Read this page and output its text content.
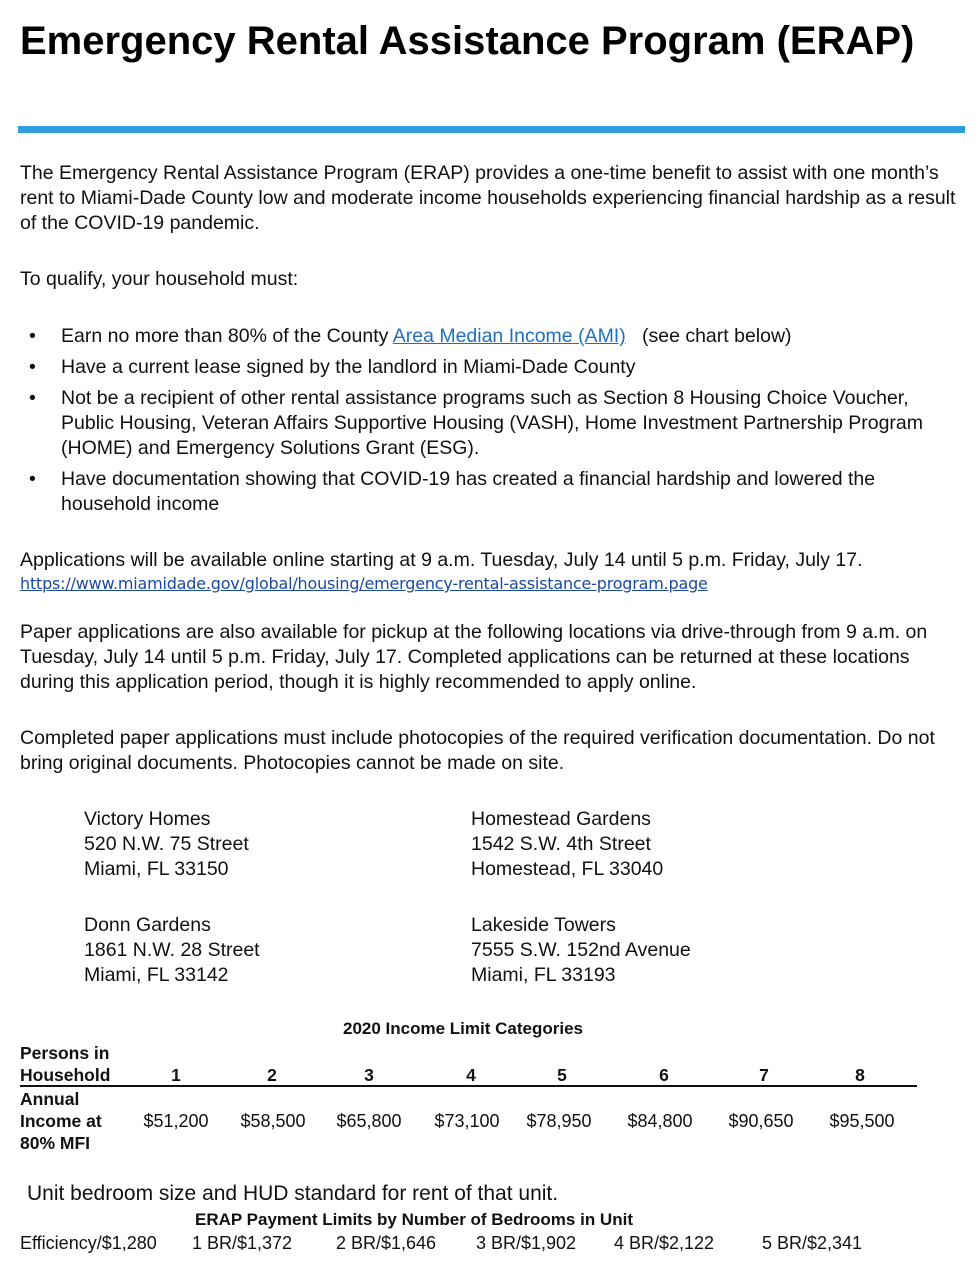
Emergency Rental Assistance Program (ERAP)
The Emergency Rental Assistance Program (ERAP) provides a one-time benefit to assist with one month’s rent to Miami-Dade County low and moderate income households experiencing financial hardship as a result of the COVID-19 pandemic.
To qualify, your household must:
• Earn no more than 80% of the County Area Median Income (AMI)   (see chart below)
• Have a current lease signed by the landlord in Miami-Dade County
• Not be a recipient of other rental assistance programs such as Section 8 Housing Choice Voucher, Public Housing, Veteran Affairs Supportive Housing (VASH), Home Investment Partnership Program (HOME) and Emergency Solutions Grant (ESG).
• Have documentation showing that COVID-19 has created a financial hardship and lowered the household income
Applications will be available online starting at 9 a.m. Tuesday, July 14 until 5 p.m. Friday, July 17.
https://www.miamidade.gov/global/housing/emergency-rental-assistance-program.page
Paper applications are also available for pickup at the following locations via drive-through from 9 a.m. on Tuesday, July 14 until 5 p.m. Friday, July 17. Completed applications can be returned at these locations during this application period, though it is highly recommended to apply online.
Completed paper applications must include photocopies of the required verification documentation. Do not bring original documents. Photocopies cannot be made on site.
Victory Homes
520 N.W. 75 Street
Miami, FL 33150
Homestead Gardens
1542 S.W. 4th Street
Homestead, FL 33040
Donn Gardens
1861 N.W. 28 Street
Miami, FL 33142
Lakeside Towers
7555 S.W. 152nd Avenue
Miami, FL 33193
2020 Income Limit Categories
Persons in
Household	1	2	3	4	5	6	7	8
Annual
Income at
80% MFI
$51,200	$58,500	$65,800	$73,100	$78,950	$84,800	$90,650	$95,500
Unit bedroom size and HUD standard for rent of that unit.
ERAP Payment Limits by Number of Bedrooms in Unit
Efficiency/$1,280 1 BR/$1,372 2 BR/$1,646 3 BR/$1,902 4 BR/$2,122	5 BR/$2,341
